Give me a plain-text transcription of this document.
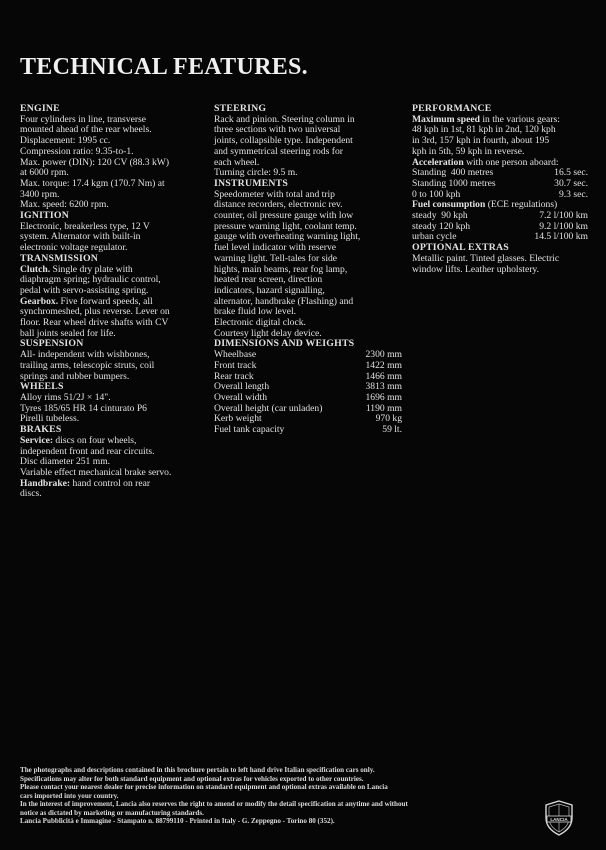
TECHNICAL FEATURES.

ENGINE

Four cylinders in line, transverse

mounted ahead of the rear wheels.

Displacement: 1995 cc.

Compression ratio: 9.35-to-1.

Max. power (DIN): 120 CV (88.3 kW)

at 6000 rpm.

Max. torque: 17.4 kgm (170.7 Nm) at

3400 rpm.

Max. speed: 6200 rpm.

IGNITION

Electronic, breakerless type, 12 V

system. Alternator with built-in

electronic voltage regulator.

TRANSMISSION

Clutch. Single dry plate with

diaphragm spring; hydraulic control,

pedal with servo-assisting spring.

Gearbox. Five forward speeds, all

synchromeshed, plus reverse. Lever on

floor. Rear wheel drive shafts with CV

ball joints sealed for life.

SUSPENSION

All- independent with wishbones,

trailing arms, telescopic struts, coil

springs and rubber bumpers.

WHEELS

Alloy rims 51/2J × 14".

Tyres 185/65 HR 14 cinturato P6

Pirelli tubeless.

BRAKES

Service: discs on four wheels,

independent front and rear circuits.

Disc diameter 251 mm.

Variable effect mechanical brake servo.

Handbrake: hand control on rear

discs.

STEERING

Rack and pinion. Steering column in

three sections with two universal

joints, collapsible type. Independent

and symmetrical steering rods for

each wheel.

Turning circle: 9.5 m.

INSTRUMENTS

Speedometer with total and trip

distance recorders, electronic rev.

counter, oil pressure gauge with low

pressure warning light, coolant temp.

gauge with overheating warning light,

fuel level indicator with reserve

warning light. Tell-tales for side

hights, main beams, rear fog lamp,

heated rear screen, direction

indicators, hazard signalling,

alternator, handbrake (Flashing) and

brake fluid low level.

Electronic digital clock.

Courtesy light delay device.

DIMENSIONS AND WEIGHTS

Wheelbase	2300 mm
Front track	1422 mm
Rear track	1466 mm
Overall length	3813 mm
Overall width	1696 mm
Overall height (car unladen)	1190 mm
Kerb weight	970 kg
Fuel tank capacity	59 lt.

PERFORMANCE

Maximum speed in the various gears:

48 kph in 1st, 81 kph in 2nd, 120 kph

in 3rd, 157 kph in fourth, about 195

kph in 5th, 59 kph in reverse.

Acceleration with one person aboard:

Standing  400 metres	16.5 sec.
Standing 1000 metres	30.7 sec.
0 to 100 kph	9.3 sec.

Fuel consumption (ECE regulations)

steady  90 kph	7.2 l/100 km
steady 120 kph	9.2 l/100 km
urban cycle	14.5 l/100 km

OPTIONAL EXTRAS

Metallic paint. Tinted glasses. Electric

window lifts. Leather upholstery.

The photographs and descriptions contained in this brochure pertain to left hand drive Italian specification cars only.

Specifications may alter for both standard equipment and optional extras for vehicles exported to other countries.

Please contact your nearest dealer for precise information on standard equipment and optional extras available on Lancia

cars imported into your country.

In the interest of improvement, Lancia also reserves the right to amend or modify the detail specification at anytime and without

notice as dictated by marketing or manufacturing standards.

Lancia Pubblicità e Immagine - Stampato n. 88799110 - Printed in Italy - G. Zeppegno - Torino 80 (352).	LANCIA
